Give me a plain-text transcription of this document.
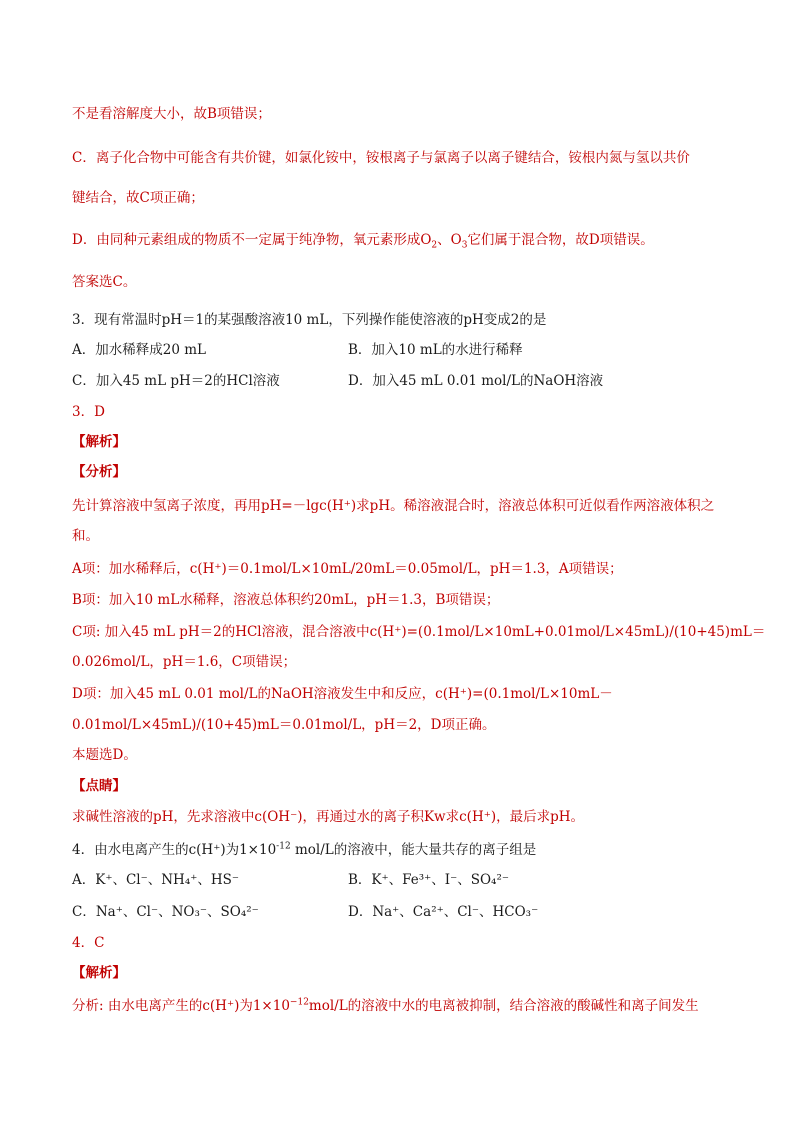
不是看溶解度大小，故B项错误；
C．离子化合物中可能含有共价键，如氯化铵中，铵根离子与氯离子以离子键结合，铵根内氮与氢以共价
键结合，故C项正确；
D．由同种元素组成的物质不一定属于纯净物，氧元素形成$O_2$、$O_3$它们属于混合物，故D项错误。
答案选C。
3．现有常温时pH＝1的某强酸溶液10 mL，下列操作能使溶液的pH变成2的是
A．加水稀释成20 mL	B．加入10 mL的水进行稀释
C．加入45 mL pH＝2的HCl溶液	D．加入45 mL 0.01 mol/L的NaOH溶液
3．D
【解析】
【分析】
先计算溶液中氢离子浓度，再用pH=－lgc(H⁺)求pH。稀溶液混合时，溶液总体积可近似看作两溶液体积之
和。
A项：加水稀释后，c(H⁺)＝0.1mol/L×10mL/20mL＝0.05mol/L，pH＝1.3，A项错误；
B项：加入10 mL水稀释，溶液总体积约20mL，pH＝1.3，B项错误；
C项: 加入45 mL pH＝2的HCl溶液，混合溶液中c(H⁺)=(0.1mol/L×10mL+0.01mol/L×45mL)/(10+45)mL＝
0.026mol/L，pH＝1.6，C项错误；
D项：加入45 mL 0.01 mol/L的NaOH溶液发生中和反应，c(H⁺)=(0.1mol/L×10mL－
0.01mol/L×45mL)/(10+45)mL＝0.01mol/L，pH＝2，D项正确。
本题选D。
【点睛】
求碱性溶液的pH，先求溶液中c(OH⁻)，再通过水的离子积Kw求c(H⁺)，最后求pH。
4．由水电离产生的c(H⁺)为$1\times 10^{-12}$ mol/L的溶液中，能大量共存的离子组是
A．K⁺、Cl⁻、NH₄⁺、HS⁻	B．K⁺、Fe³⁺、I⁻、SO₄²⁻
C．Na⁺、Cl⁻、NO₃⁻、SO₄²⁻	D．Na⁺、Ca²⁺、Cl⁻、HCO₃⁻
4．C
【解析】
分析: 由水电离产生的c(H⁺)为$1\times 10^{-12}mol/L$的溶液中水的电离被抑制，结合溶液的酸碱性和离子间发生
